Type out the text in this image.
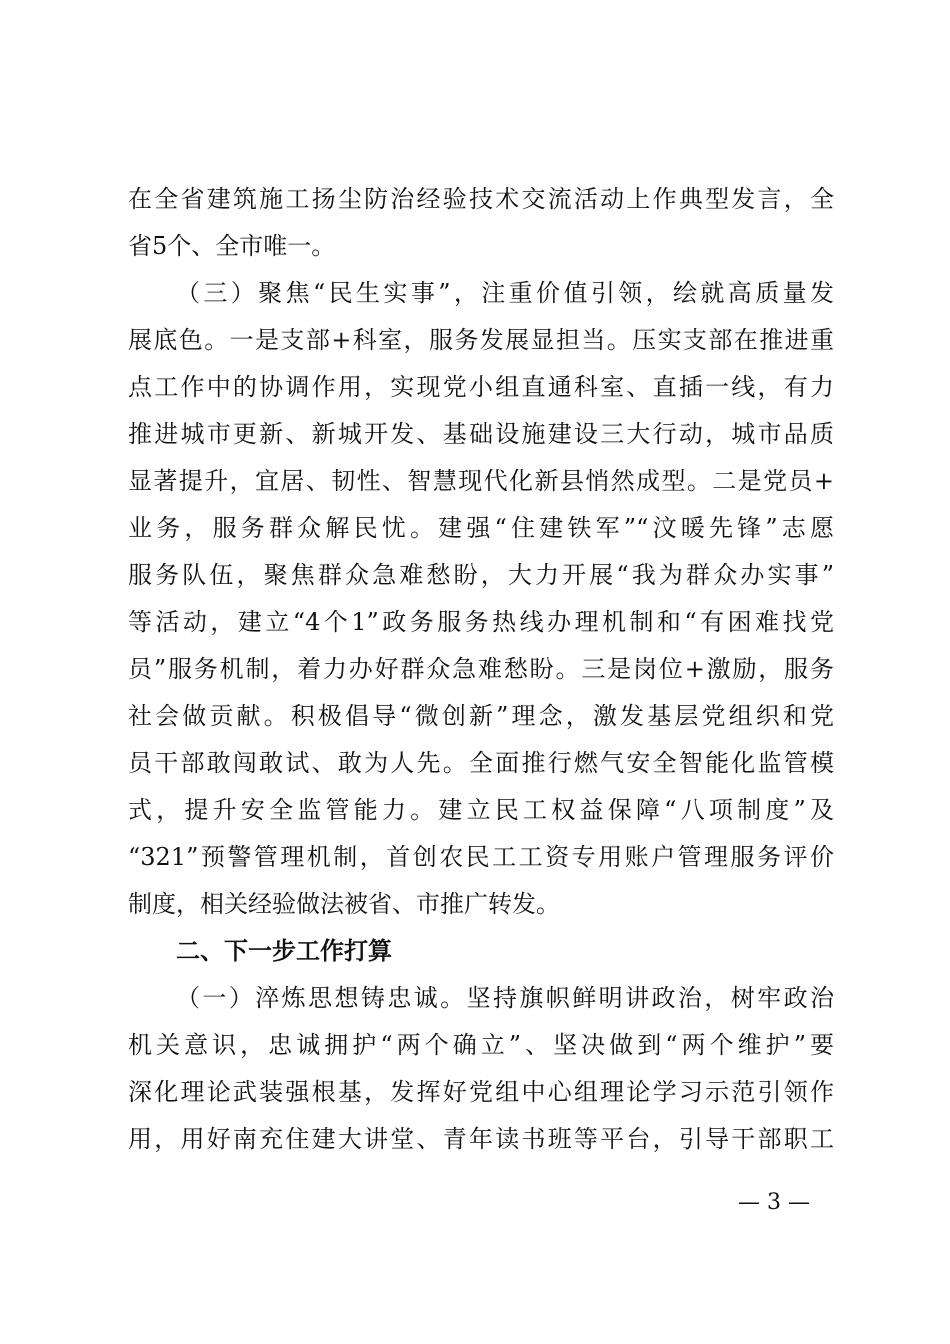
在全省建筑施工扬尘防治经验技术交流活动上作典型发言，全
省5个、全市唯一。
（三）聚焦“民生实事”，注重价值引领，绘就高质量发
展底色。一是支部+科室，服务发展显担当。压实支部在推进重
点工作中的协调作用，实现党小组直通科室、直插一线，有力
推进城市更新、新城开发、基础设施建设三大行动，城市品质
显著提升，宜居、韧性、智慧现代化新县悄然成型。二是党员+
业务，服务群众解民忧。建强“住建铁军”“汶暖先锋”志愿
服务队伍，聚焦群众急难愁盼，大力开展“我为群众办实事”
等活动，建立“4个1”政务服务热线办理机制和“有困难找党
员”服务机制，着力办好群众急难愁盼。三是岗位+激励，服务
社会做贡献。积极倡导“微创新”理念，激发基层党组织和党
员干部敢闯敢试、敢为人先。全面推行燃气安全智能化监管模
式，提升安全监管能力。建立民工权益保障“八项制度”及
“321”预警管理机制，首创农民工工资专用账户管理服务评价
制度，相关经验做法被省、市推广转发。
二、下一步工作打算
（一）淬炼思想铸忠诚。坚持旗帜鲜明讲政治，树牢政治
机关意识，忠诚拥护“两个确立”、坚决做到“两个维护”要
深化理论武装强根基，发挥好党组中心组理论学习示范引领作
用，用好南充住建大讲堂、青年读书班等平台，引导干部职工
— 3 —
